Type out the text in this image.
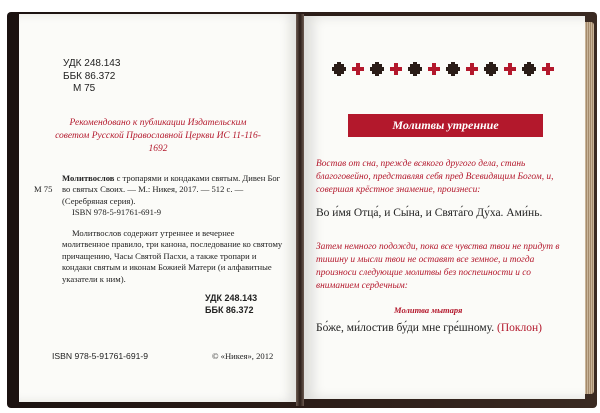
УДК 248.143
ББК 86.372
М 75
Рекомендовано к публикации Издательским советом Русской Православной Церкви ИС 11-116-1692
Молитвослов с тропарями и кондаками святым. Дивен Бог во святых Своих. — М.: Никея, 2017. — 512 с. — (Серебряная серия).
М 75
ISBN 978-5-91761-691-9
Молитвослов содержит утреннее и вечернее молитвенное правило, три канона, последование ко святому причащению, Часы Святой Пасхи, а также тропари и кондаки святым и иконам Божией Матери (и алфавитные указатели к ним).
УДК 248.143
ББК 86.372
ISBN 978-5-91761-691-9	© «Никея», 2012
Молитвы утренние
Востав от сна, прежде всякого другого дела, стань благоговейно, представляя себя пред Всевидящим Богом, и, совершая крёстное знамение, произнеси:
Во и́мя Отца́, и Сы́на, и Свята́го Ду́ха. Ами́нь.
Затем немного подожди, пока все чувства твои не придут в тишину и мысли твои не оставят все земное, и тогда произноси следующие молитвы без поспешности и со вниманием сердечным:
Молитва мытаря
Бо́же, ми́лостив бу́ди мне гре́шному. (Поклон)
